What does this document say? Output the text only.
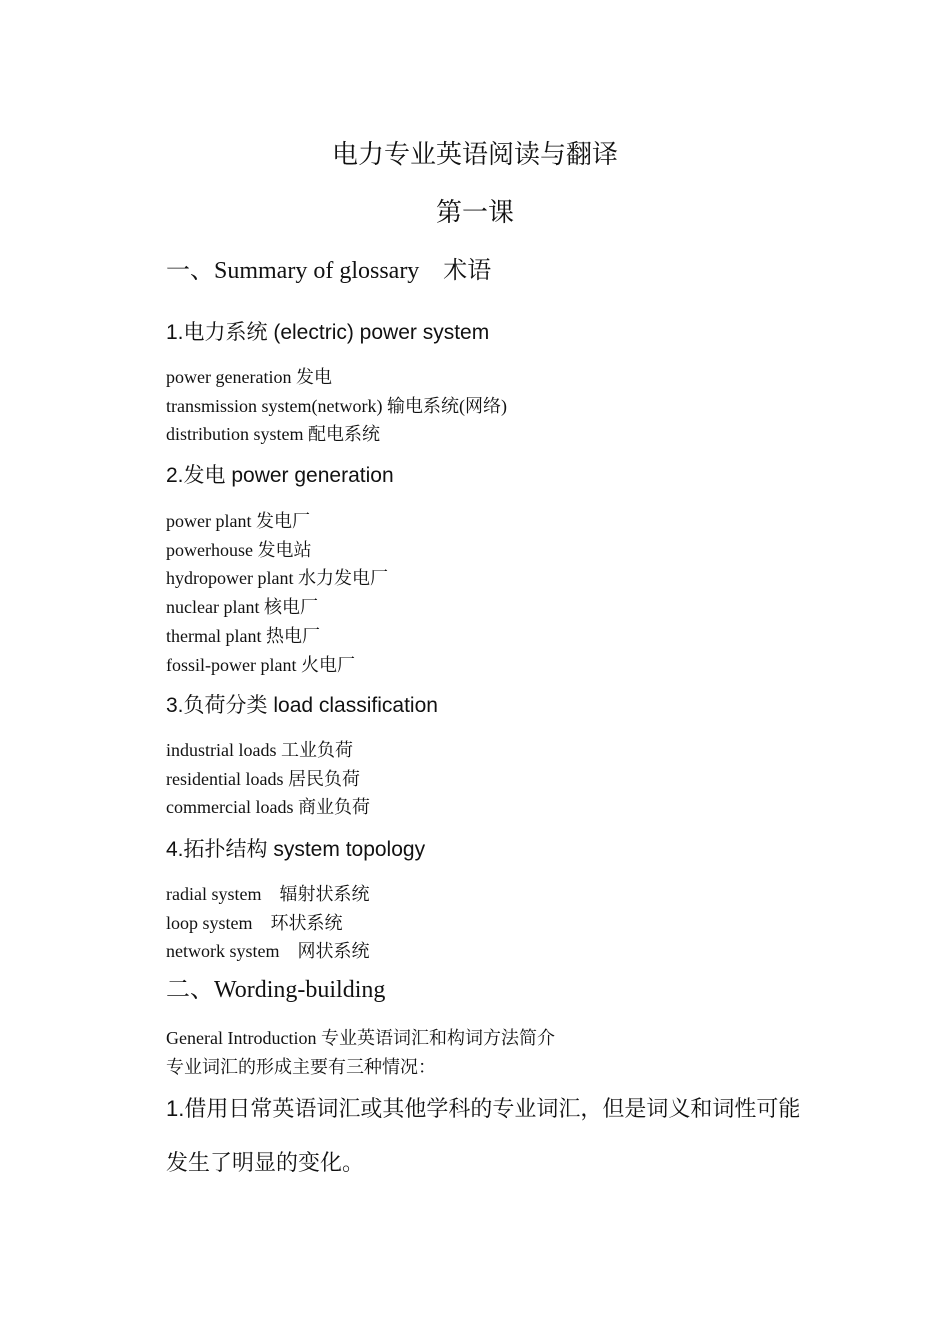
电力专业英语阅读与翻译
第一课
一、Summary of glossary　术语
1.电力系统 (electric) power system
power generation 发电
transmission system(network) 输电系统(网络)
distribution system 配电系统
2.发电 power generation
power plant 发电厂
powerhouse 发电站
hydropower plant 水力发电厂
nuclear plant 核电厂
thermal plant 热电厂
fossil-power plant 火电厂
3.负荷分类 load classification
industrial loads 工业负荷
residential loads 居民负荷
commercial loads 商业负荷
4.拓扑结构 system topology
radial system　辐射状系统
loop system　环状系统
network system　网状系统
二、Wording-building
General Introduction 专业英语词汇和构词方法简介
专业词汇的形成主要有三种情况：
1.借用日常英语词汇或其他学科的专业词汇，但是词义和词性可能发生了明显的变化。
